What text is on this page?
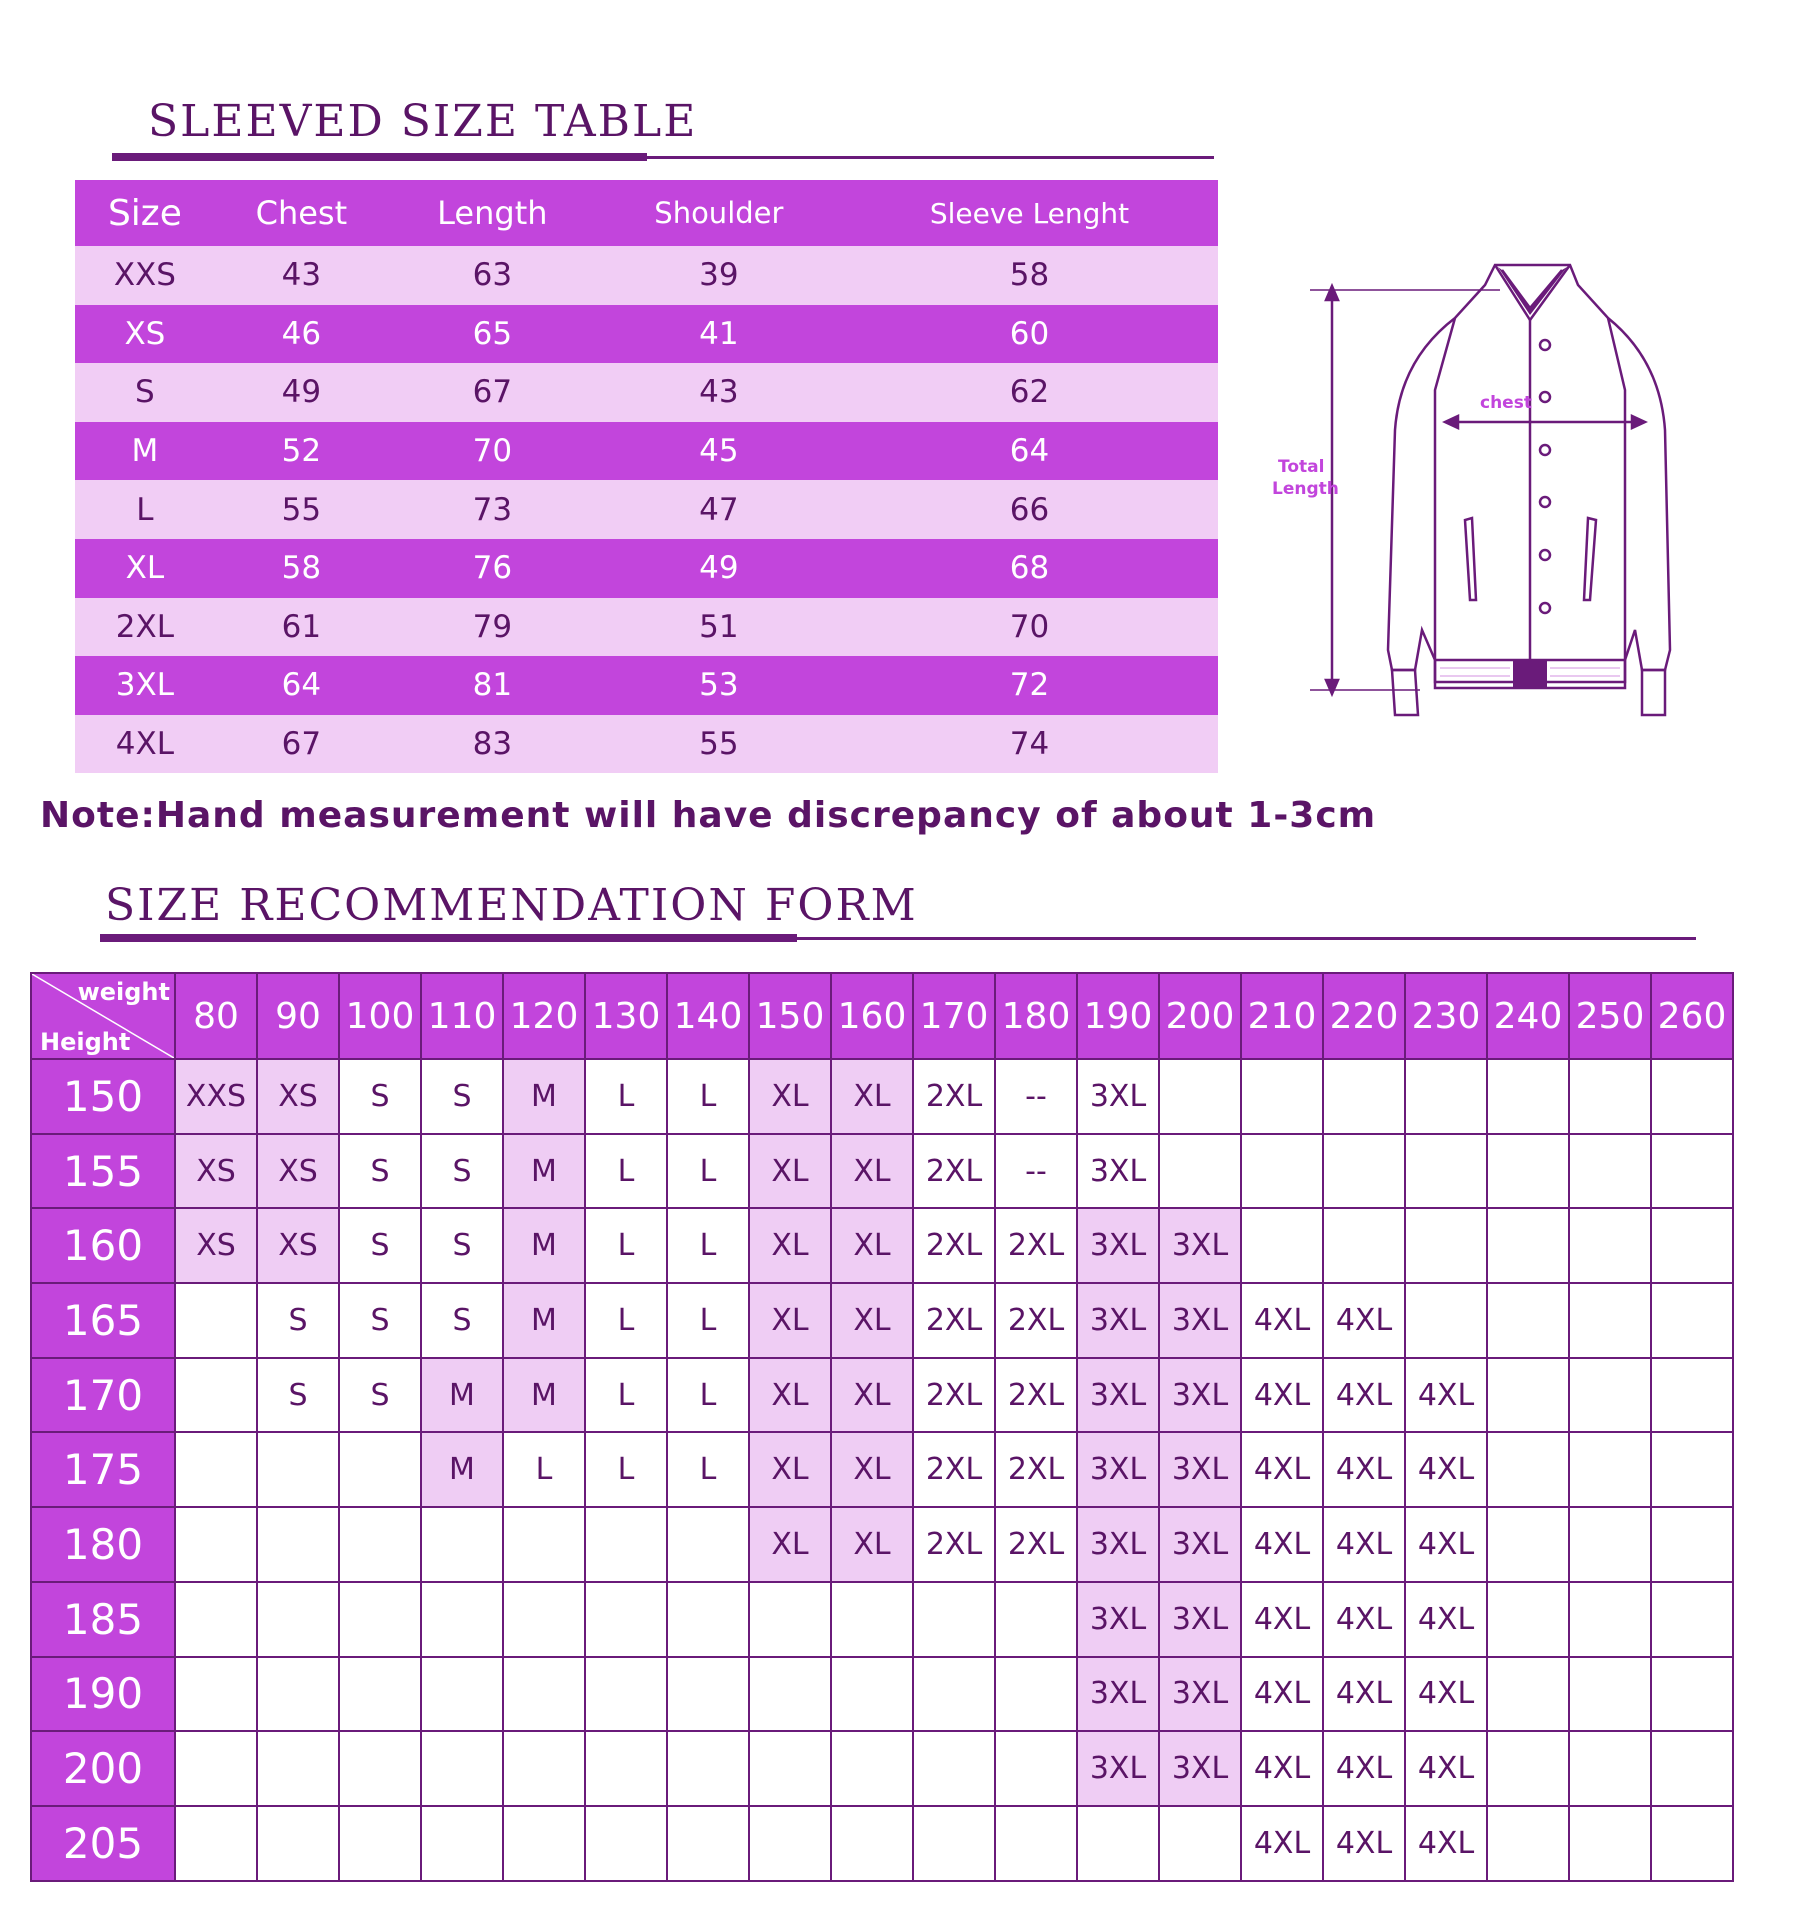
SLEEVED SIZE TABLE
Size	Chest	Length	Shoulder	Sleeve Lenght
XXS	43	63	39	58
XS	46	65	41	60
S	49	67	43	62
M	52	70	45	64
L	55	73	47	66
XL	58	76	49	68
2XL	61	79	51	70
3XL	64	81	53	72
4XL	67	83	55	74
chest
Total
Length
Note:Hand measurement will have discrepancy of about 1-3cm
SIZE RECOMMENDATION FORM
weight
Height	80	90	100	110	120	130	140	150	160	170	180	190	200	210	220	230	240	250	260
150	XXS	XS	S	S	M	L	L	XL	XL	2XL	--	3XL							
155	XS	XS	S	S	M	L	L	XL	XL	2XL	--	3XL							
160	XS	XS	S	S	M	L	L	XL	XL	2XL	2XL	3XL	3XL						
165		S	S	S	M	L	L	XL	XL	2XL	2XL	3XL	3XL	4XL	4XL				
170		S	S	M	M	L	L	XL	XL	2XL	2XL	3XL	3XL	4XL	4XL	4XL			
175				M	L	L	L	XL	XL	2XL	2XL	3XL	3XL	4XL	4XL	4XL			
180								XL	XL	2XL	2XL	3XL	3XL	4XL	4XL	4XL			
185												3XL	3XL	4XL	4XL	4XL			
190												3XL	3XL	4XL	4XL	4XL			
200												3XL	3XL	4XL	4XL	4XL			
205														4XL	4XL	4XL			
